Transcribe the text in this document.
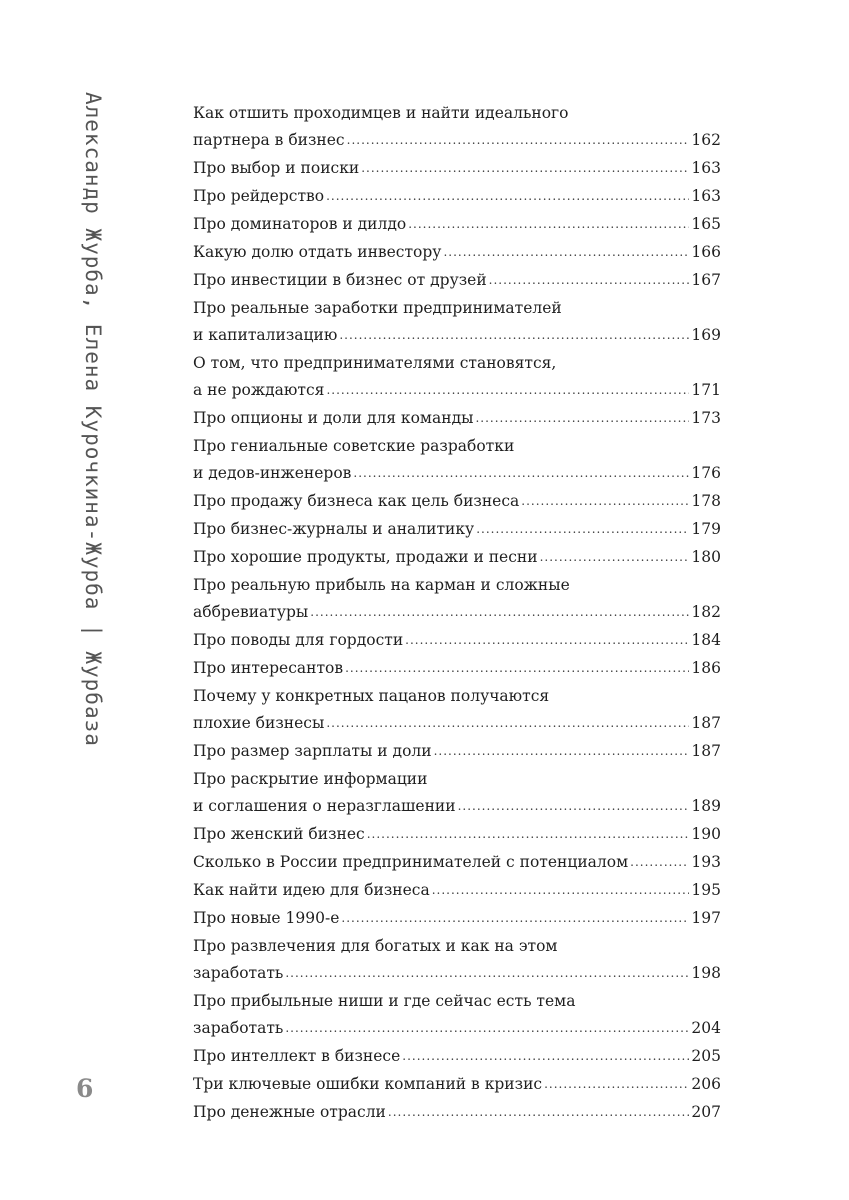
Александр Журба, Елена Курочкина-Журба | Журбаза
6
Как отшить проходимцев и найти идеального
партнера в бизнес .....	162
Про выбор и поиски .....	163
Про рейдерство .....	163
Про доминаторов и дилдо .....	165
Какую долю отдать инвестору .....	166
Про инвестиции в бизнес от друзей .....	167
Про реальные заработки предпринимателей
и капитализацию .....	169
О том, что предпринимателями становятся,
а не рождаются .....	171
Про опционы и доли для команды .....	173
Про гениальные советские разработки
и дедов-инженеров .....	176
Про продажу бизнеса как цель бизнеса .....	178
Про бизнес-журналы и аналитику .....	179
Про хорошие продукты, продажи и песни .....	180
Про реальную прибыль на карман и сложные
аббревиатуры .....	182
Про поводы для гордости .....	184
Про интересантов .....	186
Почему у конкретных пацанов получаются
плохие бизнесы .....	187
Про размер зарплаты и доли .....	187
Про раскрытие информации
и соглашения о неразглашении .....	189
Про женский бизнес .....	190
Сколько в России предпринимателей с потенциалом .....	193
Как найти идею для бизнеса .....	195
Про новые 1990-е .....	197
Про развлечения для богатых и как на этом
заработать .....	198
Про прибыльные ниши и где сейчас есть тема
заработать .....	204
Про интеллект в бизнесе .....	205
Три ключевые ошибки компаний в кризис .....	206
Про денежные отрасли .....	207
